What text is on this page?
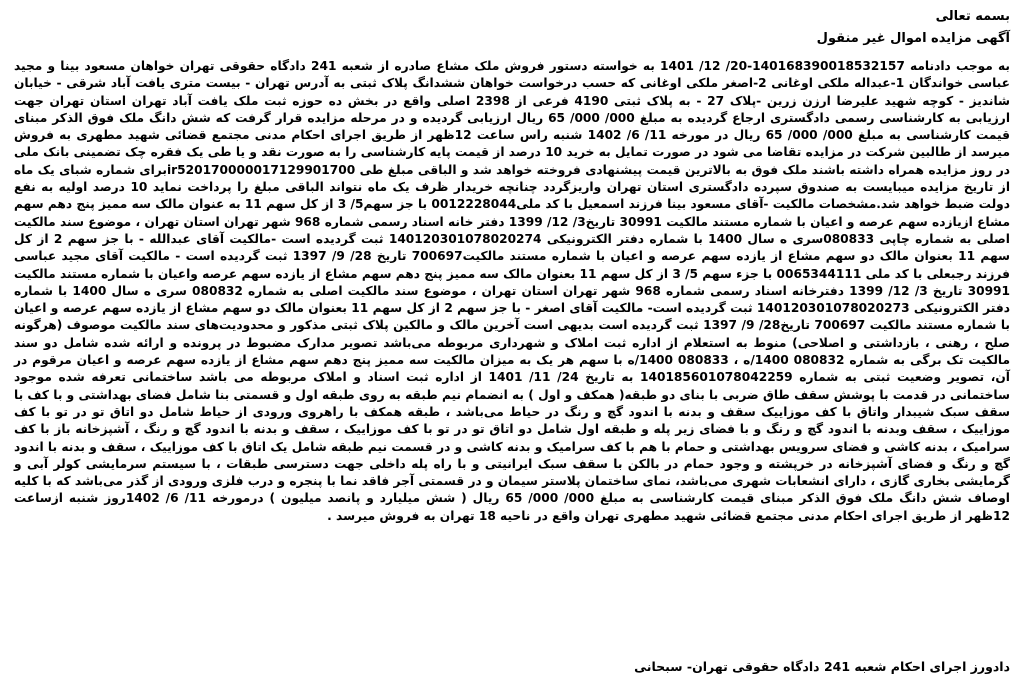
بسمه تعالی
آگهی مزایده اموال غیر منقول
به موجب دادنامه 140168390018532157-20/ 12/ 1401 به خواسته دستور فروش ملک مشاع صادره از شعبه 241 دادگاه حقوقی تهران خواهان مسعود بینا و مجید عباسی خواندگان 1-عبداله ملکی اوغانی 2-اصغر ملکی اوغانی که حسب درخواست خواهان ششدانگ پلاک ثبتی به آدرس تهران - بیست متری یافت آباد شرقی - خیابان شاندیز - کوچه شهید علیرضا ارزن زرین -پلاک 27 - به پلاک ثبتی 4190 فرعی از 2398 اصلی واقع در بخش ده حوزه ثبت ملک یافت آباد تهران استان تهران جهت ارزیابی به کارشناسی رسمی دادگستری ارجاع گردیده به مبلغ 000/ 000/ 65 ریال ارزیابی گردیده و در مرحله مزایده قرار گرفت که شش دانگ ملک فوق الذکر مبنای قیمت کارشناسی به مبلغ 000/ 000/ 65 ریال در مورخه 11/ 6/ 1402 شنبه راس ساعت 12ظهر از طریق اجرای احکام مدنی مجتمع قضائی شهید مطهری به فروش میرسد از طالبین شرکت در مزایده تقاضا می شود در صورت تمایل به خرید 10 درصد از قیمت پایه کارشناسی را به صورت نقد و یا طی یک فقره چک تضمینی بانک ملی در روز مزایده همراه داشته باشند ملک فوق به بالاترین قیمت پیشنهادی فروخته خواهد شد و الباقی مبلغ طی ir520170000017129901700برای شماره شبای یک ماه از تاریخ مزایده میبایست به صندوق سپرده دادگستری استان تهران واریزگردد چنانچه خریدار ظرف یک ماه نتواند الباقی مبلغ را پرداخت نماید 10 درصد اولیه به نفع دولت ضبط خواهد شد.مشخصات مالکیت -آقای مسعود بینا فرزند اسمعیل با کد ملی0012228044 با جز سهم5/ 3 از کل سهم 11 به عنوان مالک سه ممیز پنج دهم سهم مشاع ازیازده سهم عرصه و اعیان با شماره مستند مالکیت 30991 تاریخ3/ 12/ 1399 دفتر خانه اسناد رسمی شماره 968 شهر تهران استان تهران ، موضوع سند مالکیت اصلی به شماره چاپی 080833سری ه سال 1400 با شماره دفتر الکترونیکی 140120301078020274 ثبت گردیده است -مالکیت آقای عبدالله - با جز سهم 2 از کل سهم 11 بعنوان مالک دو سهم مشاع از یازده سهم عرصه و اعیان با شماره مستند مالکیت700697 تاریخ 28/ 9/ 1397 ثبت گردیده است - مالکیت آقای مجید عباسی فرزند رجبعلی با کد ملی 0065344111 با جزء سهم 5/ 3 از کل سهم 11 بعنوان مالک سه ممیز پنج دهم سهم مشاع از یازده سهم عرصه واعیان با شماره مستند مالکیت 30991 تاریخ 3/ 12/ 1399 دفترخانه اسناد رسمی شماره 968 شهر تهران استان تهران ، موضوع سند مالکیت اصلی به شماره 080832 سری ه سال 1400 با شماره دفتر الکترونیکی 140120301078020273 ثبت گردیده است- مالکیت آقای اصغر - با جز سهم 2 از کل سهم 11 بعنوان مالک دو سهم مشاع از یازده سهم عرصه و اعیان با شماره مستند مالکیت 700697 تاریخ28/ 9/ 1397 ثبت گردیده است بدیهی است آخرین مالک و مالکین پلاک ثبتی مذکور و محدودیت‌های سند مالکیت موصوف (هرگونه صلح ، رهنی ، بازداشتی و اصلاحی) منوط به استعلام از اداره ثبت املاک و شهرداری مربوطه می‌باشد تصویر مدارک مضبوط در پرونده و ارائه شده شامل دو سند مالکیت تک برگی به شماره 080832 1400/ه ، 080833 1400/ه با سهم هر یک به میزان مالکیت سه ممیز پنج دهم سهم مشاع از یازده سهم عرصه و اعیان مرقوم در آن، تصویر وضعیت ثبتی به شماره 140185601078042259 به تاریخ 24/ 11/ 1401 از اداره ثبت اسناد و املاک مربوطه می باشد ساختمانی تعرفه شده موجود ساختمانی در قدمت با پوشش سقف طاق ضربی با بنای دو طبقه( همکف و اول ) به انضمام نیم طبقه به روی طبقه اول و قسمتی بنا شامل فضای بهداشتی و با کف با سقف سبک شیبدار واتاق با کف موزاییک سقف و بدنه با اندود گچ و رنگ در حیاط می‌باشد ، طبقه همکف با راهروی ورودی از حیاط شامل دو اتاق تو در تو با کف موزاییک ، سقف وبدنه با اندود گچ و رنگ و با فضای زیر پله و طبقه اول شامل دو اتاق تو در تو با کف موزاییک ، سقف و بدنه با اندود گچ و رنگ ، آشپزخانه باز با کف سرامیک ، بدنه کاشی و فضای سرویس بهداشتی و حمام با هم با کف سرامیک و بدنه کاشی و در قسمت نیم طبقه شامل یک اتاق با کف موزاییک ، سقف و بدنه با اندود گچ و رنگ و فضای آشپزخانه در خرپشته و وجود حمام در بالکن با سقف سبک ایرانیتی و با راه پله داخلی جهت دسترسی طبقات ، با سیستم سرمایشی کولر آبی و گرمایشی بخاری گازی ، دارای انشعابات شهری می‌باشد، نمای ساختمان پلاستر سیمان و در قسمتی آجر فاقد نما با پنجره و درب فلزی ورودی از گذر می‌باشد که با کلیه اوصاف شش دانگ ملک فوق الذکر مبنای قیمت کارشناسی به مبلغ 000/ 000/ 65 ریال ( شش میلیارد و پانصد میلیون ) درمورخه 11/ 6/ 1402روز شنبه ازساعت 12ظهر از طریق اجرای احکام مدنی مجتمع قضائی شهید مطهری تهران واقع در ناحیه 18 تهران به فروش میرسد .
دادورز اجرای احکام شعبه 241 دادگاه حقوقی تهران- سبحانی
